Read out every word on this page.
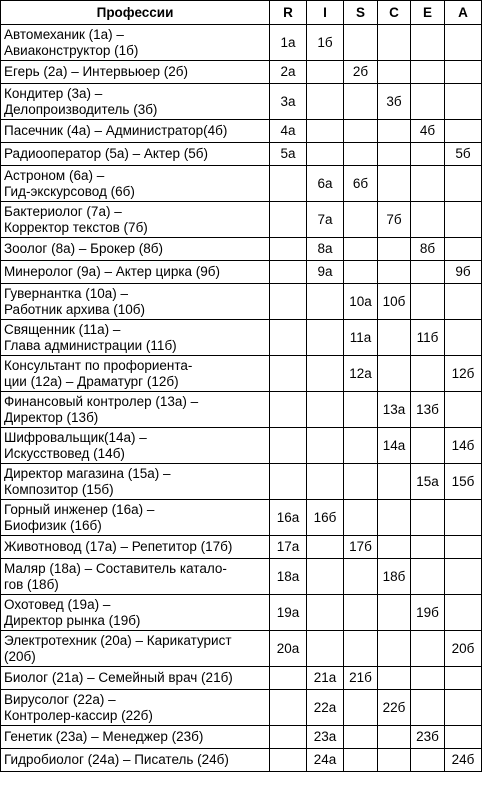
Профессии	R	I	S	C	E	A

Автомеханик (1а) –
Авиаконструктор (1б)	1а	1б				

Егерь (2а) – Интервьюер (2б)	2а		2б			

Кондитер (3а) –
Делопроизводитель (3б)	3а			3б		

Пасечник (4а) – Администратор(4б)	4а				4б	

Радиооператор (5а) – Актер (5б)	5а					5б

Астроном (6а) –
Гид-экскурсовод (6б)		6а	6б			

Бактериолог (7а) –
Корректор текстов (7б)		7а		7б		

Зоолог (8а) – Брокер (8б)		8а			8б	

Минеролог (9а) – Актер цирка (9б)		9а				9б

Гувернантка (10а) –
Работник архива (10б)			10а	10б		

Священник (11а) –
Глава администрации (11б)			11а		11б	

Консультант по профориента-
ции (12а) – Драматург (12б)			12а			12б

Финансовый контролер (13а) –
Директор (13б)				13а	13б	

Шифровальщик(14а) –
Искусствовед (14б)				14а		14б

Директор магазина (15а) –
Композитор (15б)					15а	15б

Горный инженер (16а) –
Биофизик (16б)	16а	16б				

Животновод (17а) – Репетитор (17б)	17а		17б			

Маляр (18а) – Составитель катало-
гов (18б)	18а			18б		

Охотовед (19а) –
Директор рынка (19б)	19а				19б	

Электротехник (20а) – Карикатурист
(20б)	20а					20б

Биолог (21а) – Семейный врач (21б)		21а	21б			

Вирусолог (22а) –
Контролер-кассир (22б)		22а		22б		

Генетик (23а) – Менеджер (23б)		23а			23б	

Гидробиолог (24а) – Писатель (24б)		24а				24б
